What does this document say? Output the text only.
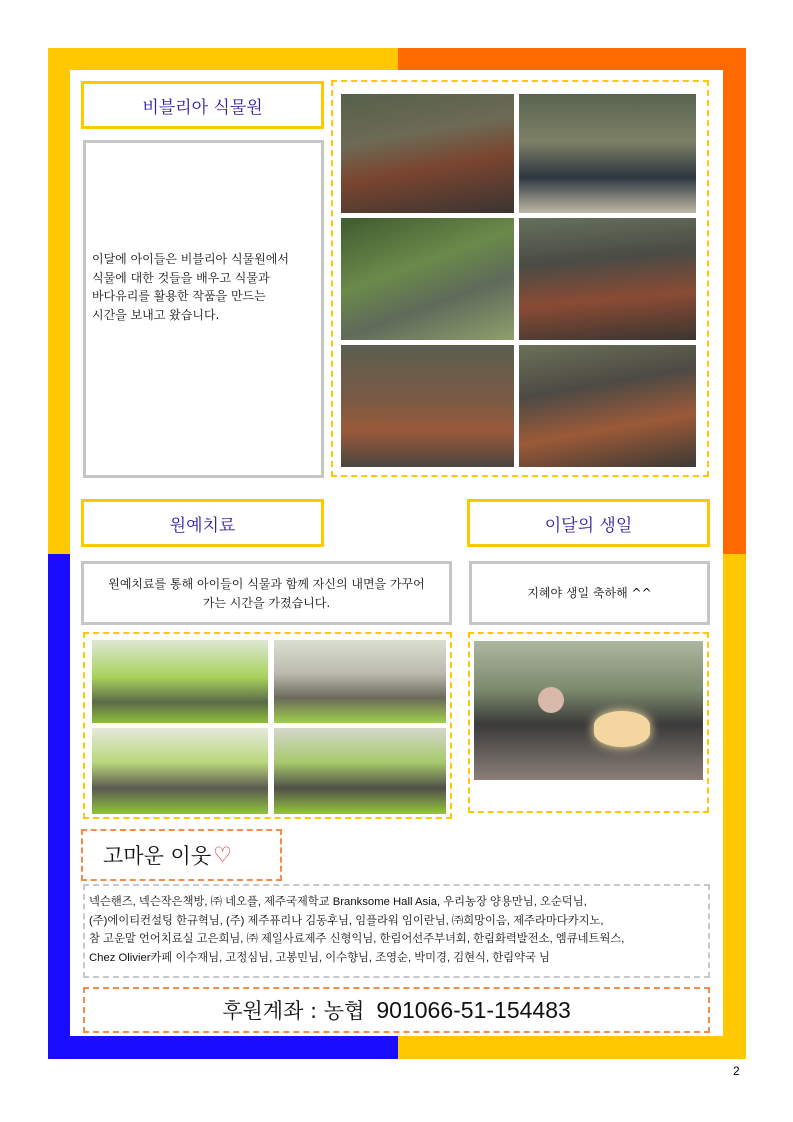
비블리아 식물원
이달에 아이들은 비블리아 식물원에서
식물에 대한 것들을 배우고 식물과
바다유리를 활용한 작품을 만드는
시간을 보내고 왔습니다.
원예치료
원예치료를 통해 아이들이 식물과 함께 자신의 내면을 가꾸어
가는 시간을 가졌습니다.
이달의 생일
지혜야 생일 축하해 ^^
고마운 이웃 ♡
넥슨핸즈, 넥슨작은책방, ㈜ 네오플, 제주국제학교 Branksome Hall Asia, 우리농장 양용만님, 오순덕님,
(주)에이티컨설팅 한규혁님, (주) 제주퓨리나 김동후님, 임플라워 임이란님, ㈜희망이음, 제주라마다카지노,
참 고운말 언어치료실 고은희님, ㈜ 제일사료제주 신형익님, 한림어선주부녀회, 한림화력발전소, 엠큐네트웍스,
Chez Olivier카페 이수재님, 고정심님, 고봉민님, 이수향님, 조영순, 박미경, 김현식, 한림약국 님
후원계좌 : 농협 901066-51-154483
2
